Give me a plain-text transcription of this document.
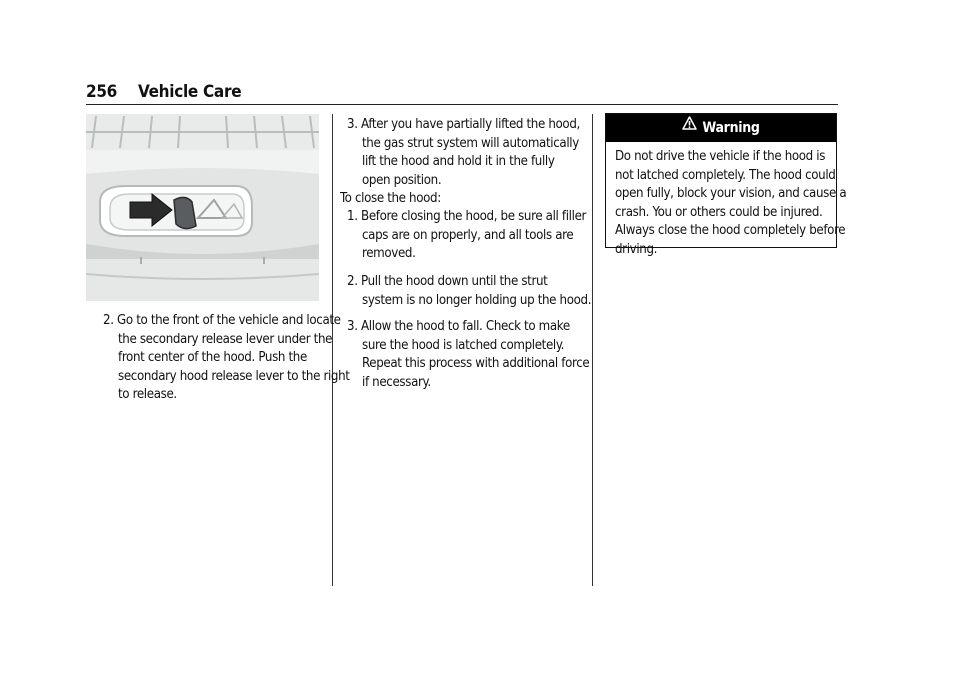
256 Vehicle Care

2. Go to the front of the vehicle and locate
the secondary release lever under the
front center of the hood. Push the
secondary hood release lever to the right
to release.

3. After you have partially lifted the hood,
the gas strut system will automatically
lift the hood and hold it in the fully
open position.

To close the hood:

1. Before closing the hood, be sure all filler
caps are on properly, and all tools are
removed.

2. Pull the hood down until the strut
system is no longer holding up the hood.

3. Allow the hood to fall. Check to make
sure the hood is latched completely.
Repeat this process with additional force
if necessary.

Warning

Do not drive the vehicle if the hood is
not latched completely. The hood could
open fully, block your vision, and cause a
crash. You or others could be injured.
Always close the hood completely before
driving.
